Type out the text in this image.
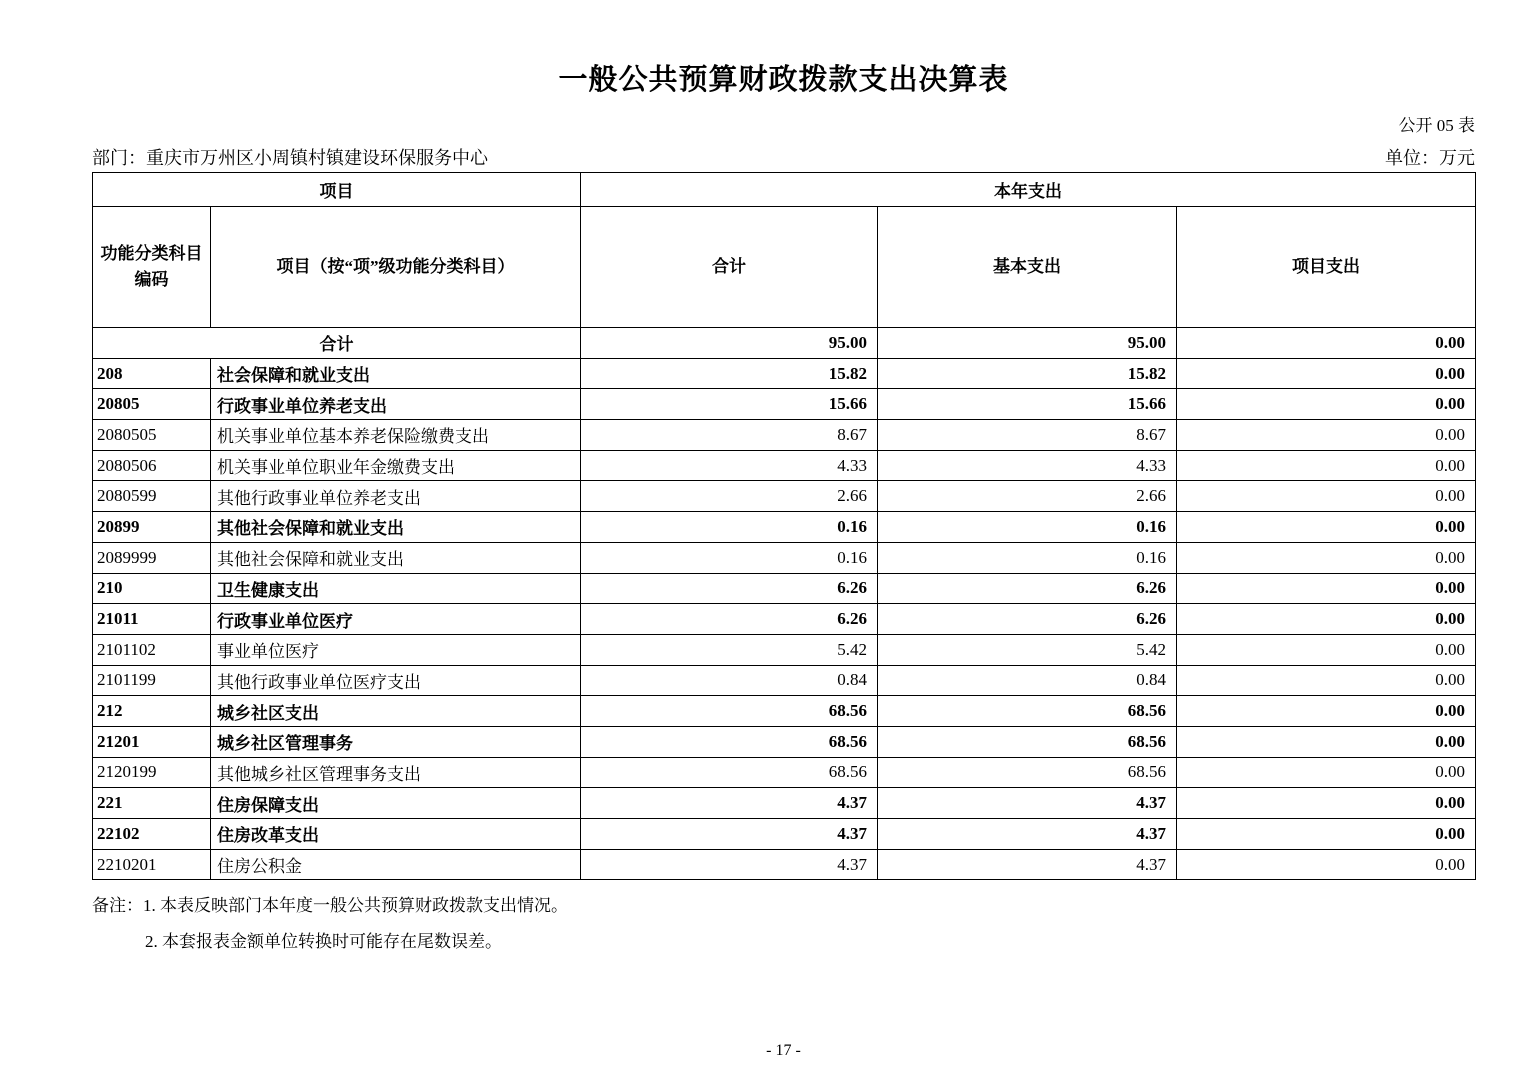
一般公共预算财政拨款支出决算表
公开 05 表
部门：重庆市万州区小周镇村镇建设环保服务中心	单位：万元
项目		本年支出		

功能分类科目
编码	项目（按“项”级功能分类科目）	合计	基本支出	项目支出
合计		95.00	95.00	0.00
208	社会保障和就业支出	15.82	15.82	0.00
20805	行政事业单位养老支出	15.66	15.66	0.00
2080505	机关事业单位基本养老保险缴费支出	8.67	8.67	0.00
2080506	机关事业单位职业年金缴费支出	4.33	4.33	0.00
2080599	其他行政事业单位养老支出	2.66	2.66	0.00
20899	其他社会保障和就业支出	0.16	0.16	0.00
2089999	其他社会保障和就业支出	0.16	0.16	0.00
210	卫生健康支出	6.26	6.26	0.00
21011	行政事业单位医疗	6.26	6.26	0.00
2101102	事业单位医疗	5.42	5.42	0.00
2101199	其他行政事业单位医疗支出	0.84	0.84	0.00
212	城乡社区支出	68.56	68.56	0.00
21201	城乡社区管理事务	68.56	68.56	0.00
2120199	其他城乡社区管理事务支出	68.56	68.56	0.00
221	住房保障支出	4.37	4.37	0.00
22102	住房改革支出	4.37	4.37	0.00
2210201	住房公积金	4.37	4.37	0.00
备注：1. 本表反映部门本年度一般公共预算财政拨款支出情况。
2. 本套报表金额单位转换时可能存在尾数误差。
- 17 -
